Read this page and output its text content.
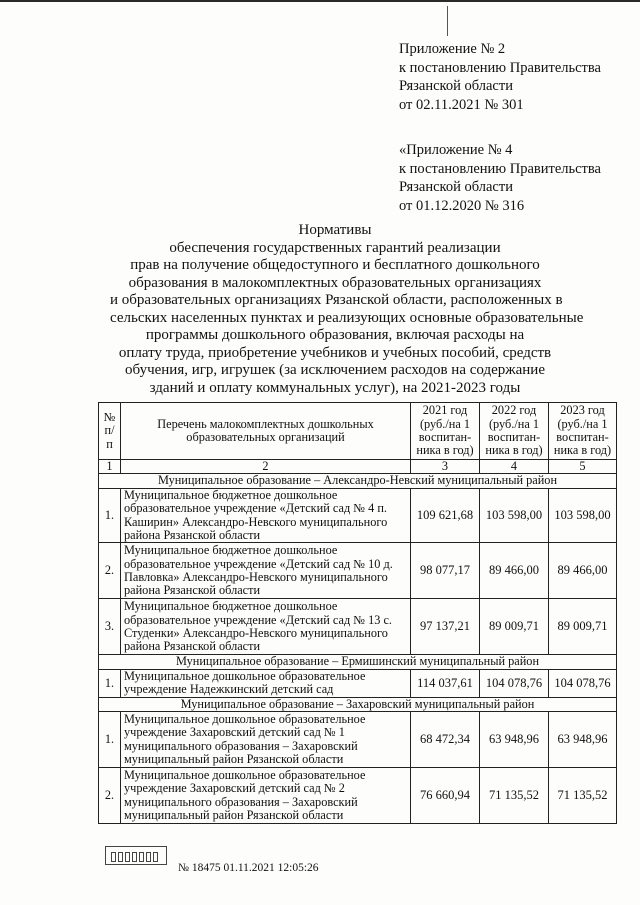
Приложение № 2
к постановлению Правительства
Рязанской области
от 02.11.2021 № 301
«Приложение № 4
к постановлению Правительства
Рязанской области
от 01.12.2020 № 316
Нормативы
обеспечения государственных гарантий реализации
прав на получение общедоступного и бесплатного дошкольного
образования в малокомплектных образовательных организациях
и образовательных организациях Рязанской области, расположенных в
сельских населенных пунктах и реализующих основные образовательные
программы дошкольного образования, включая расходы на
оплату труда, приобретение учебников и учебных пособий, средств
обучения, игр, игрушек (за исключением расходов на содержание
зданий и оплату коммунальных услуг), на 2021-2023 годы
№ п/п	Перечень малокомплектных дошкольных образовательных организаций	2021 год (руб./на 1 воспитан-ника в год)	2022 год (руб./на 1 воспитан-ника в год)	2023 год (руб./на 1 воспитан-ника в год)
1	2	3	4	5
Муниципальное образование – Александро-Невский муниципальный район				
1.	Муниципальное бюджетное дошкольное образовательное учреждение «Детский сад № 4 п. Каширин» Александро-Невского муниципального района Рязанской области	109 621,68	103 598,00	103 598,00
2.	Муниципальное бюджетное дошкольное образовательное учреждение «Детский сад № 10 д. Павловка» Александро-Невского муниципального района Рязанской области	98 077,17	89 466,00	89 466,00
3.	Муниципальное бюджетное дошкольное образовательное учреждение «Детский сад № 13 с. Студенки» Александро-Невского муниципального района Рязанской области	97 137,21	89 009,71	89 009,71
Муниципальное образование – Ермишинский муниципальный район				
1.	Муниципальное дошкольное образовательное учреждение Надежкинский детский сад	114 037,61	104 078,76	104 078,76
Муниципальное образование – Захаровский муниципальный район				
1.	Муниципальное дошкольное образовательное учреждение Захаровский детский сад № 1 муниципального образования – Захаровский муниципальный район Рязанской области	68 472,34	63 948,96	63 948,96
2.	Муниципальное дошкольное образовательное учреждение Захаровский детский сад № 2 муниципального образования – Захаровский муниципальный район Рязанской области	76 660,94	71 135,52	71 135,52
№ 18475 01.11.2021 12:05:26
